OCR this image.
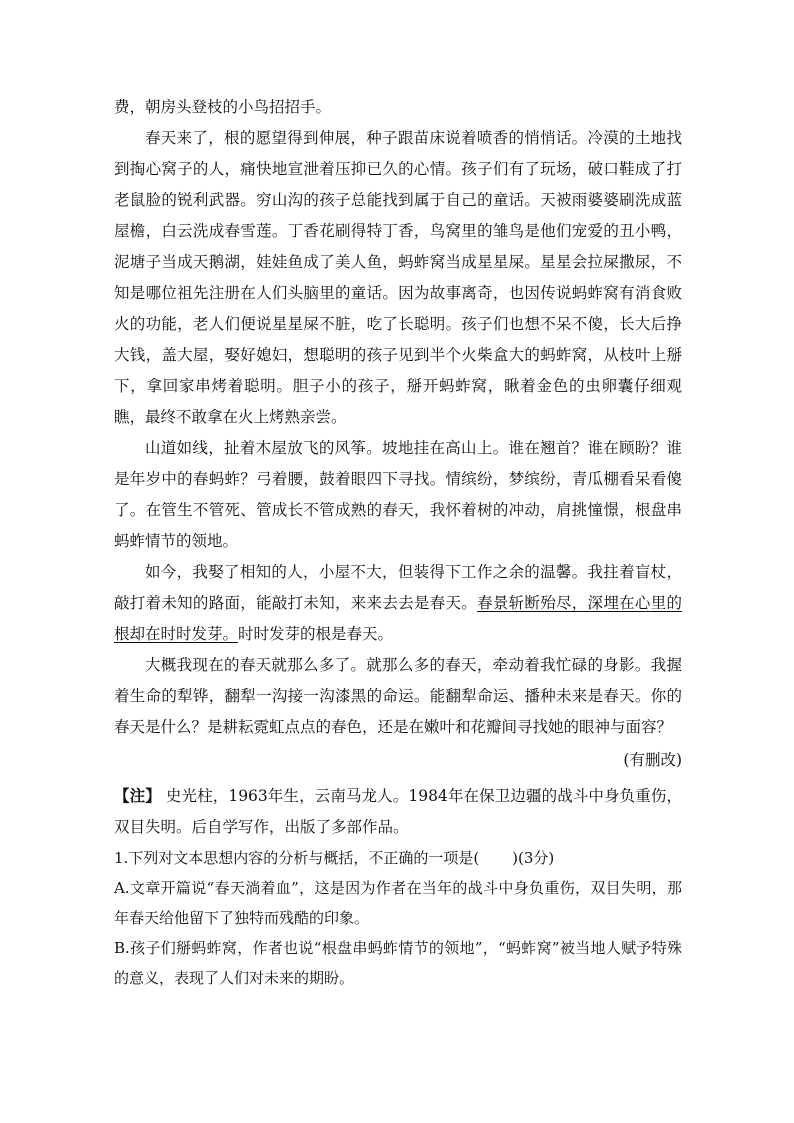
费，朝房头登枝的小鸟招招手。

春天来了，根的愿望得到伸展，种子跟苗床说着喷香的悄悄话。冷漠的土地找到掏心窝子的人，痛快地宣泄着压抑已久的心情。孩子们有了玩场，破口鞋成了打老鼠脸的锐利武器。穷山沟的孩子总能找到属于自己的童话。天被雨婆婆刷洗成蓝屋檐，白云洗成春雪莲。丁香花刷得特丁香，鸟窝里的雏鸟是他们宠爱的丑小鸭，泥塘子当成天鹅湖，娃娃鱼成了美人鱼，蚂蚱窝当成星星屎。星星会拉屎撒尿，不知是哪位祖先注册在人们头脑里的童话。因为故事离奇，也因传说蚂蚱窝有消食败火的功能，老人们便说星星屎不脏，吃了长聪明。孩子们也想不呆不傻，长大后挣大钱，盖大屋，娶好媳妇，想聪明的孩子见到半个火柴盒大的蚂蚱窝，从枝叶上掰下，拿回家串烤着聪明。胆子小的孩子，掰开蚂蚱窝，瞅着金色的虫卵囊仔细观瞧，最终不敢拿在火上烤熟亲尝。

山道如线，扯着木屋放飞的风筝。坡地挂在高山上。谁在翘首？谁在顾盼？谁是年岁中的春蚂蚱？弓着腰，鼓着眼四下寻找。情缤纷，梦缤纷，青瓜棚看呆看傻了。在管生不管死、管成长不管成熟的春天，我怀着树的冲动，肩挑憧憬，根盘串蚂蚱情节的领地。

如今，我娶了相知的人，小屋不大，但装得下工作之余的温馨。我拄着盲杖，敲打着未知的路面，能敲打未知，来来去去是春天。春景斩断殆尽，深埋在心里的根却在时时发芽。时时发芽的根是春天。

大概我现在的春天就那么多了。就那么多的春天，牵动着我忙碌的身影。我握着生命的犁铧，翻犁一沟接一沟漆黑的命运。能翻犁命运、播种未来是春天。你的春天是什么？是耕耘霓虹点点的春色，还是在嫩叶和花瓣间寻找她的眼神与面容？

(有删改)

【注】 史光柱，1963年生，云南马龙人。1984年在保卫边疆的战斗中身负重伤，双目失明。后自学写作，出版了多部作品。

1.下列对文本思想内容的分析与概括，不正确的一项是( )(3分)

A.文章开篇说“春天淌着血”，这是因为作者在当年的战斗中身负重伤，双目失明，那年春天给他留下了独特而残酷的印象。

B.孩子们掰蚂蚱窝，作者也说“根盘串蚂蚱情节的领地”，“蚂蚱窝”被当地人赋予特殊的意义，表现了人们对未来的期盼。
